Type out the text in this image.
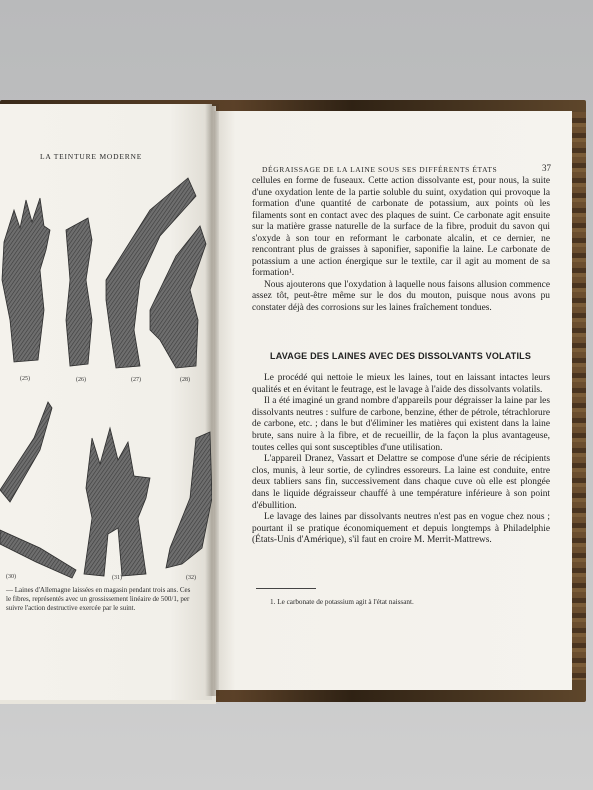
LA TEINTURE MODERNE
(25)	(26)	(27)	(28)
(30)	(31)	(32)
— Laines d'Allemagne laissées en magasin pendant trois ans. Ces
le fibres, représentés avec un grossissement linéaire de 500/1, per
suivre l'action destructive exercée par le suint.
DÉGRAISSAGE DE LA LAINE SOUS SES DIFFÉRENTS ÉTATS	37

cellules en forme de fuseaux. Cette action dissolvante est, pour nous, la suite d'une oxydation lente de la partie soluble du suint, oxydation qui provoque la formation d'une quantité de carbonate de potassium, aux points où les filaments sont en contact avec des plaques de suint. Ce carbonate agit ensuite sur la matière grasse naturelle de la surface de la fibre, produit du savon qui s'oxyde à son tour en reformant le carbonate alcalin, et ce dernier, ne rencontrant plus de graisses à saponifier, saponifie la laine. Le carbonate de potassium a une action énergique sur le textile, car il agit au moment de sa formation¹.

Nous ajouterons que l'oxydation à laquelle nous faisons allusion commence assez tôt, peut-être même sur le dos du mouton, puisque nous avons pu constater déjà des corrosions sur les laines fraîchement tondues.

LAVAGE DES LAINES AVEC DES DISSOLVANTS VOLATILS

Le procédé qui nettoie le mieux les laines, tout en laissant intactes leurs qualités et en évitant le feutrage, est le lavage à l'aide des dissolvants volatils.

Il a été imaginé un grand nombre d'appareils pour dégraisser la laine par les dissolvants neutres : sulfure de carbone, benzine, éther de pétrole, tétrachlorure de carbone, etc. ; dans le but d'éliminer les matières qui existent dans la laine brute, sans nuire à la fibre, et de recueillir, de la façon la plus avantageuse, toutes celles qui sont susceptibles d'une utilisation.

L'appareil Dranez, Vassart et Delattre se compose d'une série de récipients clos, munis, à leur sortie, de cylindres essoreurs. La laine est conduite, entre deux tabliers sans fin, successivement dans chaque cuve où elle est plongée dans le liquide dégraisseur chauffé à une température inférieure à son point d'ébullition.

Le lavage des laines par dissolvants neutres n'est pas en vogue chez nous ; pourtant il se pratique économiquement et depuis longtemps à Philadelphie (États-Unis d'Amérique), s'il faut en croire M. Merrit-Mattrews.

1. Le carbonate de potassium agit à l'état naissant.
